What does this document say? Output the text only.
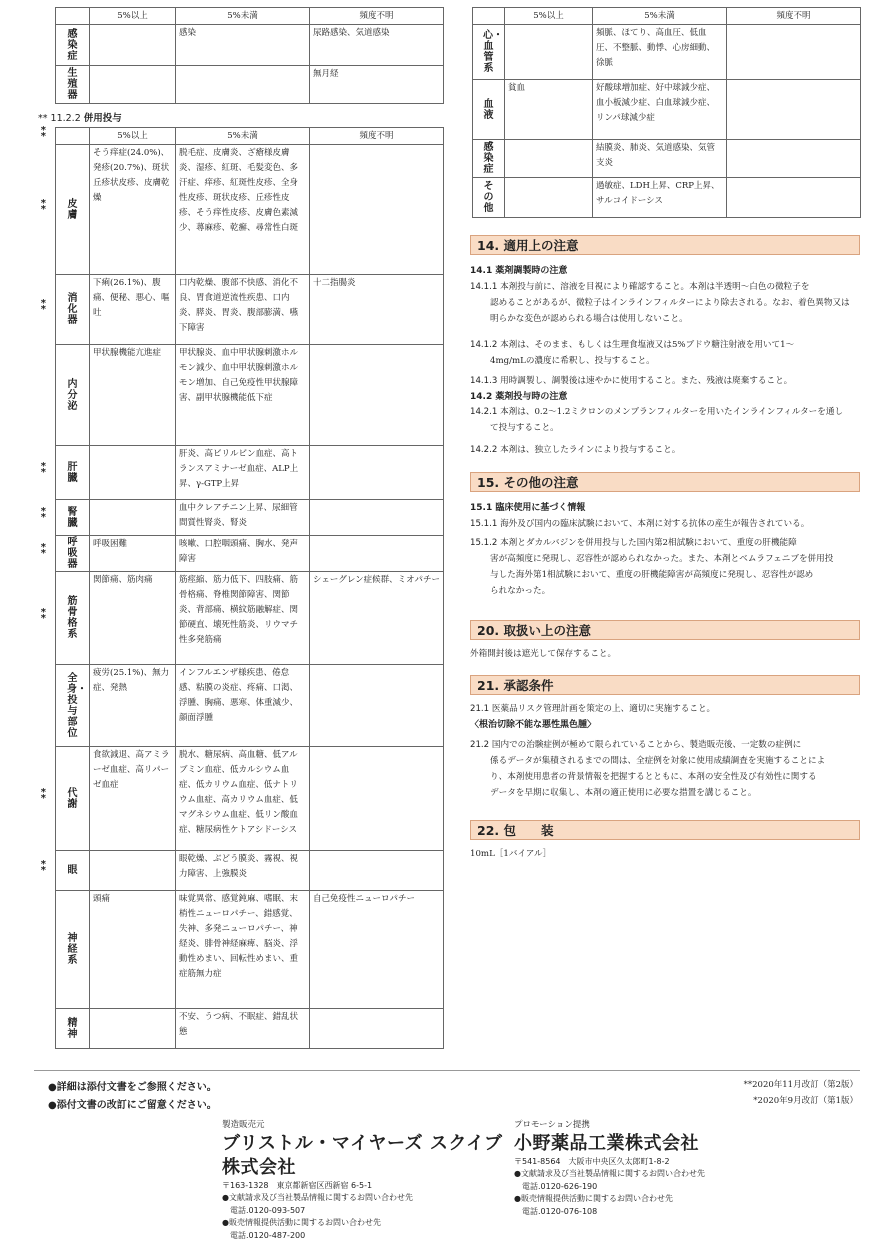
	5%以上	5%未満	頻度不明
感染症		感染	尿路感染、気道感染
生殖器			無月経
** 11.2.2 併用投与
	5%以上	5%未満	頻度不明
皮膚	そう痒症(24.0%)、発疹(20.7%)、斑状丘疹状皮疹、皮膚乾燥	脱毛症、皮膚炎、ざ瘡様皮膚炎、湿疹、紅斑、毛髪変色、多汗症、痒疹、紅斑性皮疹、全身性皮疹、斑状皮疹、丘疹性皮疹、そう痒性皮疹、皮膚色素減少、蕁麻疹、乾癬、尋常性白斑	
消化器	下痢(26.1%)、腹痛、便秘、悪心、嘔吐	口内乾燥、腹部不快感、消化不良、胃食道逆流性疾患、口内炎、膵炎、胃炎、腹部膨満、嚥下障害	十二指腸炎
内分泌	甲状腺機能亢進症	甲状腺炎、血中甲状腺刺激ホルモン減少、血中甲状腺刺激ホルモン増加、自己免疫性甲状腺障害、副甲状腺機能低下症	
肝臓		肝炎、高ビリルビン血症、高トランスアミナーゼ血症、ALP上昇、γ-GTP上昇	
腎臓		血中クレアチニン上昇、尿細管間質性腎炎、腎炎	
呼吸器	呼吸困難	咳嗽、口腔咽頭痛、胸水、発声障害	
筋骨格系	関節痛、筋肉痛	筋痙縮、筋力低下、四肢痛、筋骨格痛、脊椎関節障害、関節炎、背部痛、横紋筋融解症、関節硬直、壊死性筋炎、リウマチ性多発筋痛	シェーグレン症候群、ミオパチー
全身・投与部位	疲労(25.1%)、無力症、発熱	インフルエンザ様疾患、倦怠感、粘膜の炎症、疼痛、口渇、浮腫、胸痛、悪寒、体重減少、顔面浮腫	
代謝	食欲減退、高アミラーゼ血症、高リパーゼ血症	脱水、糖尿病、高血糖、低アルブミン血症、低カルシウム血症、低カリウム血症、低ナトリウム血症、高カリウム血症、低マグネシウム血症、低リン酸血症、糖尿病性ケトアシドーシス	
眼		眼乾燥、ぶどう膜炎、霧視、視力障害、上強膜炎	
神経系	頭痛	味覚異常、感覚鈍麻、嗜眠、末梢性ニューロパチー、錯感覚、失神、多発ニューロパチー、神経炎、腓骨神経麻痺、脳炎、浮動性めまい、回転性めまい、重症筋無力症	自己免疫性ニューロパチー
精神		不安、うつ病、不眠症、錯乱状態	
	5%以上	5%未満	頻度不明
心・血管系		頻脈、ほてり、高血圧、低血圧、不整脈、動悸、心房細動、徐脈	
血液	貧血	好酸球増加症、好中球減少症、血小板減少症、白血球減少症、リンパ球減少症	
感染症		結膜炎、肺炎、気道感染、気管支炎	
その他		過敏症、LDH上昇、CRP上昇、サルコイドーシス	
*
*
*
*
*
*
*
*
*
*
*
*
*
*
*
*
*
*
14. 適用上の注意
14.1 薬剤調製時の注意
14.1.1 本剤投与前に、溶液を目視により確認すること。本剤は半透明～白色の微粒子を
認めることがあるが、微粒子はインラインフィルターにより除去される。なお、着色異物又は
明らかな変色が認められる場合は使用しないこと。
14.1.2 本剤は、そのまま、もしくは生理食塩液又は5%ブドウ糖注射液を用いて1～
4mg/mLの濃度に希釈し、投与すること。
14.1.3 用時調製し、調製後は速やかに使用すること。また、残液は廃棄すること。
14.2 薬剤投与時の注意
14.2.1 本剤は、0.2～1.2ミクロンのメンブランフィルターを用いたインラインフィルターを通し
て投与すること。
14.2.2 本剤は、独立したラインにより投与すること。
15. その他の注意
15.1 臨床使用に基づく情報
15.1.1 海外及び国内の臨床試験において、本剤に対する抗体の産生が報告されている。
15.1.2 本剤とダカルバジンを併用投与した国内第2相試験において、重度の肝機能障
害が高頻度に発現し、忍容性が認められなかった。また、本剤とベムラフェニブを併用投
与した海外第1相試験において、重度の肝機能障害が高頻度に発現し、忍容性が認め
られなかった。
20. 取扱い上の注意
外箱開封後は遮光して保存すること。
21. 承認条件
21.1 医薬品リスク管理計画を策定の上、適切に実施すること。
〈根治切除不能な悪性黒色腫〉
21.2 国内での治験症例が極めて限られていることから、製造販売後、一定数の症例に
係るデータが集積されるまでの間は、全症例を対象に使用成績調査を実施することによ
り、本剤使用患者の背景情報を把握するとともに、本剤の安全性及び有効性に関する
データを早期に収集し、本剤の適正使用に必要な措置を講じること。
22. 包　　装
10mL［1バイアル］
●詳細は添付文書をご参照ください。
●添付文書の改訂にご留意ください。
**2020年11月改訂（第2版）
*2020年9月改訂（第1版）
製造販売元
ブリストル・マイヤーズ スクイブ株式会社
〒163-1328　東京都新宿区西新宿 6-5-1
●文献請求及び当社製品情報に関するお問い合わせ先
電話.0120-093-507
●販売情報提供活動に関するお問い合わせ先
電話.0120-487-200
プロモーション提携
小野薬品工業株式会社
〒541-8564　大阪市中央区久太郎町1-8-2
●文献請求及び当社製品情報に関するお問い合わせ先
電話.0120-626-190
●販売情報提供活動に関するお問い合わせ先
電話.0120-076-108
